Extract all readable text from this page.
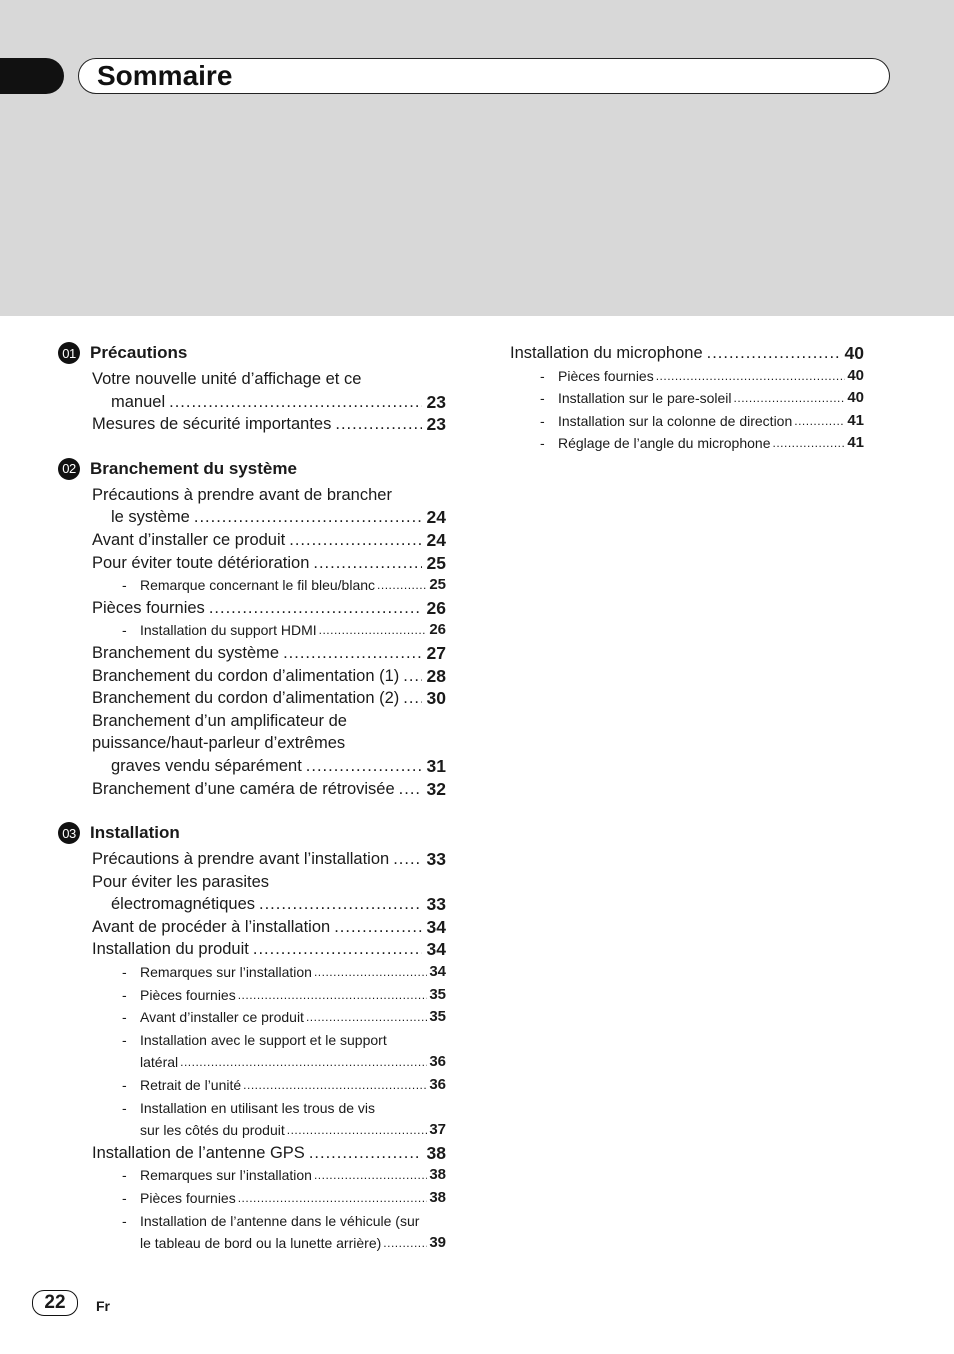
Sommaire
01 Précautions
Votre nouvelle unité d’affichage et ce
manuel .....	23
Mesures de sécurité importantes .....	23
02 Branchement du système
Précautions à prendre avant de brancher
le système .....	24
Avant d’installer ce produit .....	24
Pour éviter toute détérioration .....	25
- Remarque concernant le fil bleu/blanc .....	25
Pièces fournies .....	26
- Installation du support HDMI .....	26
Branchement du système .....	27
Branchement du cordon d’alimentation (1) ..... 28
Branchement du cordon d’alimentation (2) ..... 30
Branchement d’un amplificateur de
puissance/haut-parleur d’extrêmes
graves vendu séparément .....	31
Branchement d’une caméra de rétrovisée ..... 32
03 Installation
Précautions à prendre avant l’installation ..... 33
Pour éviter les parasites
électromagnétiques .....	33
Avant de procéder à l’installation .....	34
Installation du produit .....	34
- Remarques sur l’installation .....	34
- Pièces fournies .....	35
- Avant d’installer ce produit .....	35
- Installation avec le support et le support
latéral .....	36
- Retrait de l’unité .....	36
- Installation en utilisant les trous de vis
sur les côtés du produit .....	37
Installation de l’antenne GPS .....	38
- Remarques sur l’installation .....	38
- Pièces fournies .....	38
- Installation de l’antenne dans le véhicule (sur
le tableau de bord ou la lunette arrière) .....	39
Installation du microphone .....	40
- Pièces fournies .....	40
- Installation sur le pare-soleil .....	40
- Installation sur la colonne de direction .....	41
- Réglage de l’angle du microphone .....	41
22	Fr
